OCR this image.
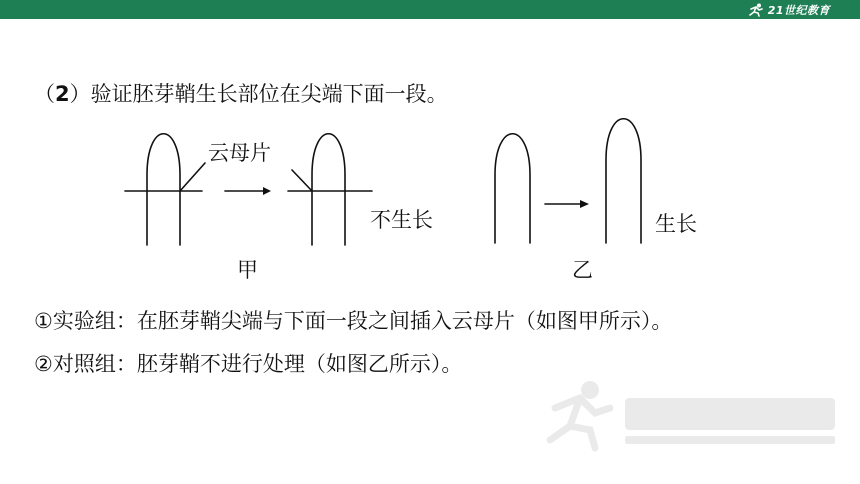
21世纪教育
（2）验证胚芽鞘生长部位在尖端下面一段。
云母片
不生长	生长
甲	乙
①实验组：在胚芽鞘尖端与下面一段之间插入云母片（如图甲所示）。
②对照组：胚芽鞘不进行处理（如图乙所示）。
